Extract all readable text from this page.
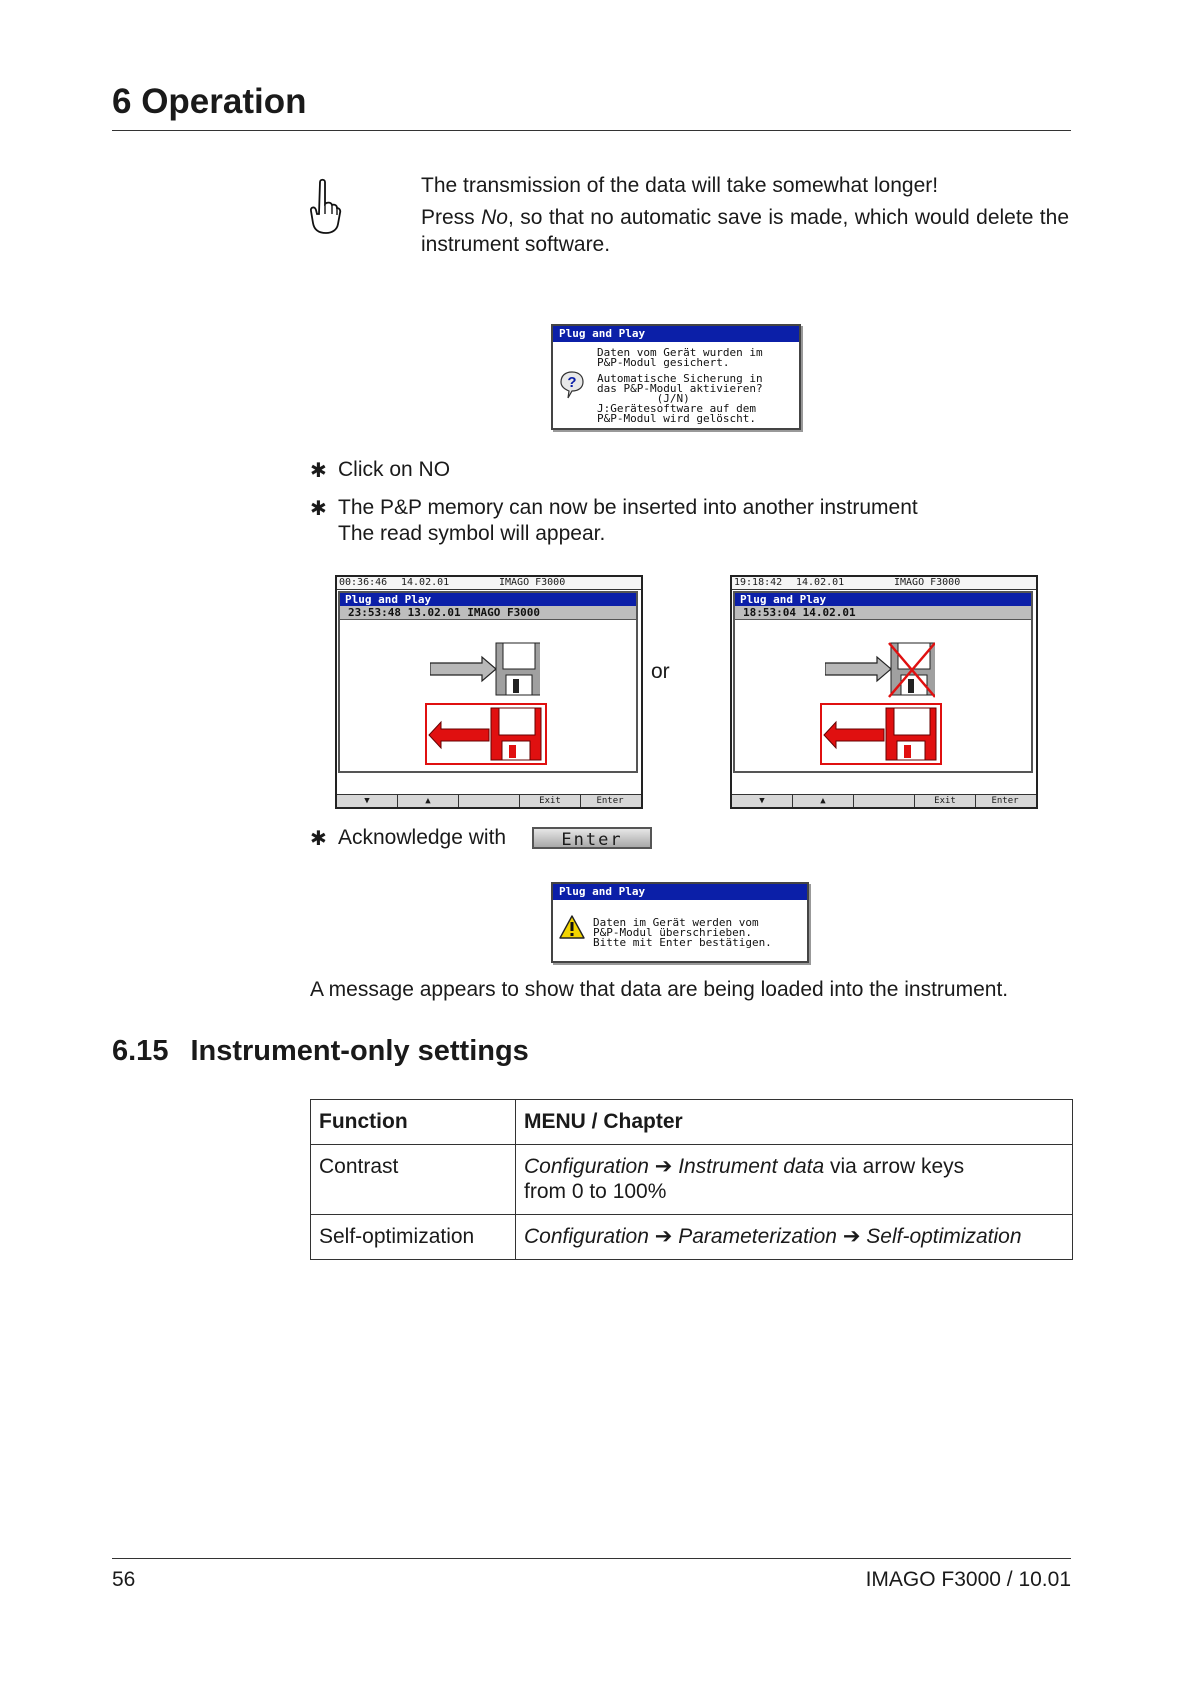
6 Operation

The transmission of the data will take somewhat longer!

Press No, so that no automatic save is made, which would delete the instrument software.

Plug and Play
?
Daten vom Gerät wurden im
P&P-Modul gesichert.
Automatische Sicherung in
das P&P-Modul aktivieren?
(J/N)
J:Gerätesoftware auf dem
P&P-Modul wird gelöscht.
✱ Click on NO
✱ The P&P memory can now be inserted into another instrument
The read symbol will appear.
00:36:46 14.02.01	IMAGO F3000
Plug and Play
23:53:48 13.02.01 IMAGO F3000
▼	▲	Exit	Enter
or
19:18:42 14.02.01	IMAGO F3000
Plug and Play
18:53:04 14.02.01
▼	▲	Exit	Enter
✱ Acknowledge with	Enter
Plug and Play
Daten im Gerät werden vom
P&P-Modul überschrieben.
Bitte mit Enter bestätigen.
A message appears to show that data are being loaded into the instrument.
6.15 Instrument-only settings
Function	MENU / Chapter
Contrast	Configuration ➔ Instrument data via arrow keys
from 0 to 100%
Self-optimization	Configuration ➔ Parameterization ➔ Self-optimization
56	IMAGO F3000 / 10.01
